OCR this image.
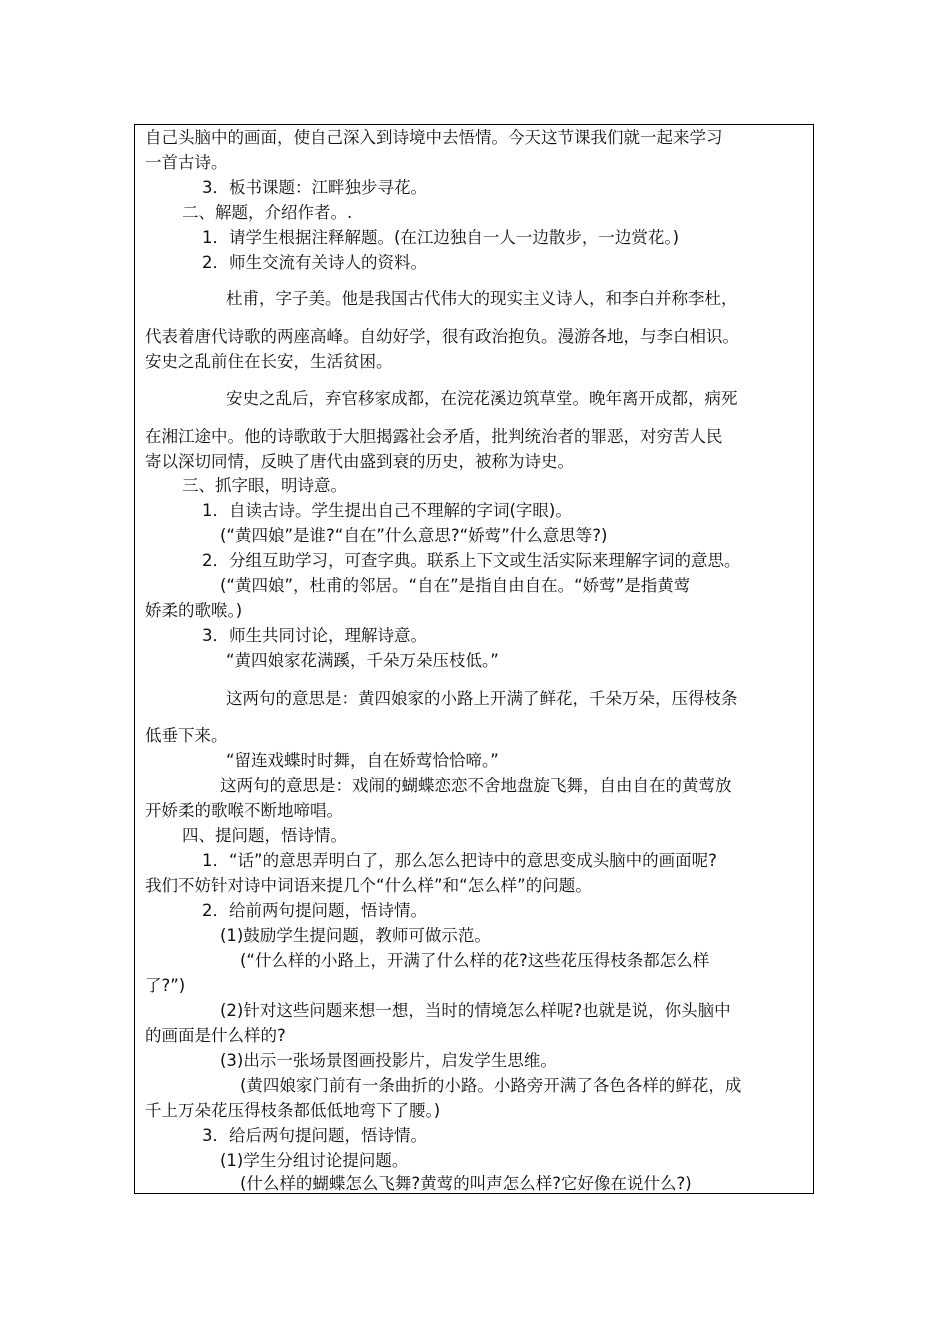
自己头脑中的画面，使自己深入到诗境中去悟情。今天这节课我们就一起来学习
一首古诗。
3．板书课题：江畔独步寻花。
二、解题，介绍作者。.
1．请学生根据注释解题。(在江边独自一人一边散步，一边赏花。)
2．师生交流有关诗人的资料。
杜甫，字子美。他是我国古代伟大的现实主义诗人，和李白并称李杜，
代表着唐代诗歌的两座高峰。自幼好学，很有政治抱负。漫游各地，与李白相识。
安史之乱前住在长安，生活贫困。
安史之乱后，弃官移家成都，在浣花溪边筑草堂。晚年离开成都，病死
在湘江途中。他的诗歌敢于大胆揭露社会矛盾，批判统治者的罪恶，对穷苦人民
寄以深切同情，反映了唐代由盛到衰的历史，被称为诗史。
三、抓字眼，明诗意。
1．自读古诗。学生提出自己不理解的字词(字眼)。
(“黄四娘”是谁?“自在”什么意思?“娇莺”什么意思等?)
2．分组互助学习，可查字典。联系上下文或生活实际来理解字词的意思。
(“黄四娘”，杜甫的邻居。“自在”是指自由自在。“娇莺”是指黄莺
娇柔的歌喉。)
3．师生共同讨论，理解诗意。
“黄四娘家花满蹊，千朵万朵压枝低。”
这两句的意思是：黄四娘家的小路上开满了鲜花，千朵万朵，压得枝条
低垂下来。
“留连戏蝶时时舞，自在娇莺恰恰啼。”
这两句的意思是：戏闹的蝴蝶恋恋不舍地盘旋飞舞，自由自在的黄莺放
开娇柔的歌喉不断地啼唱。
四、提问题，悟诗情。
1．“话”的意思弄明白了，那么怎么把诗中的意思变成头脑中的画面呢?
我们不妨针对诗中词语来提几个“什么样”和“怎么样”的问题。
2．给前两句提问题，悟诗情。
(1)鼓励学生提问题，教师可做示范。
(“什么样的小路上，开满了什么样的花?这些花压得枝条都怎么样
了?”)
(2)针对这些问题来想一想，当时的情境怎么样呢?也就是说，你头脑中
的画面是什么样的?
(3)出示一张场景图画投影片，启发学生思维。
(黄四娘家门前有一条曲折的小路。小路旁开满了各色各样的鲜花，成
千上万朵花压得枝条都低低地弯下了腰。)
3．给后两句提问题，悟诗情。
(1)学生分组讨论提问题。
(什么样的蝴蝶怎么飞舞?黄莺的叫声怎么样?它好像在说什么?)
